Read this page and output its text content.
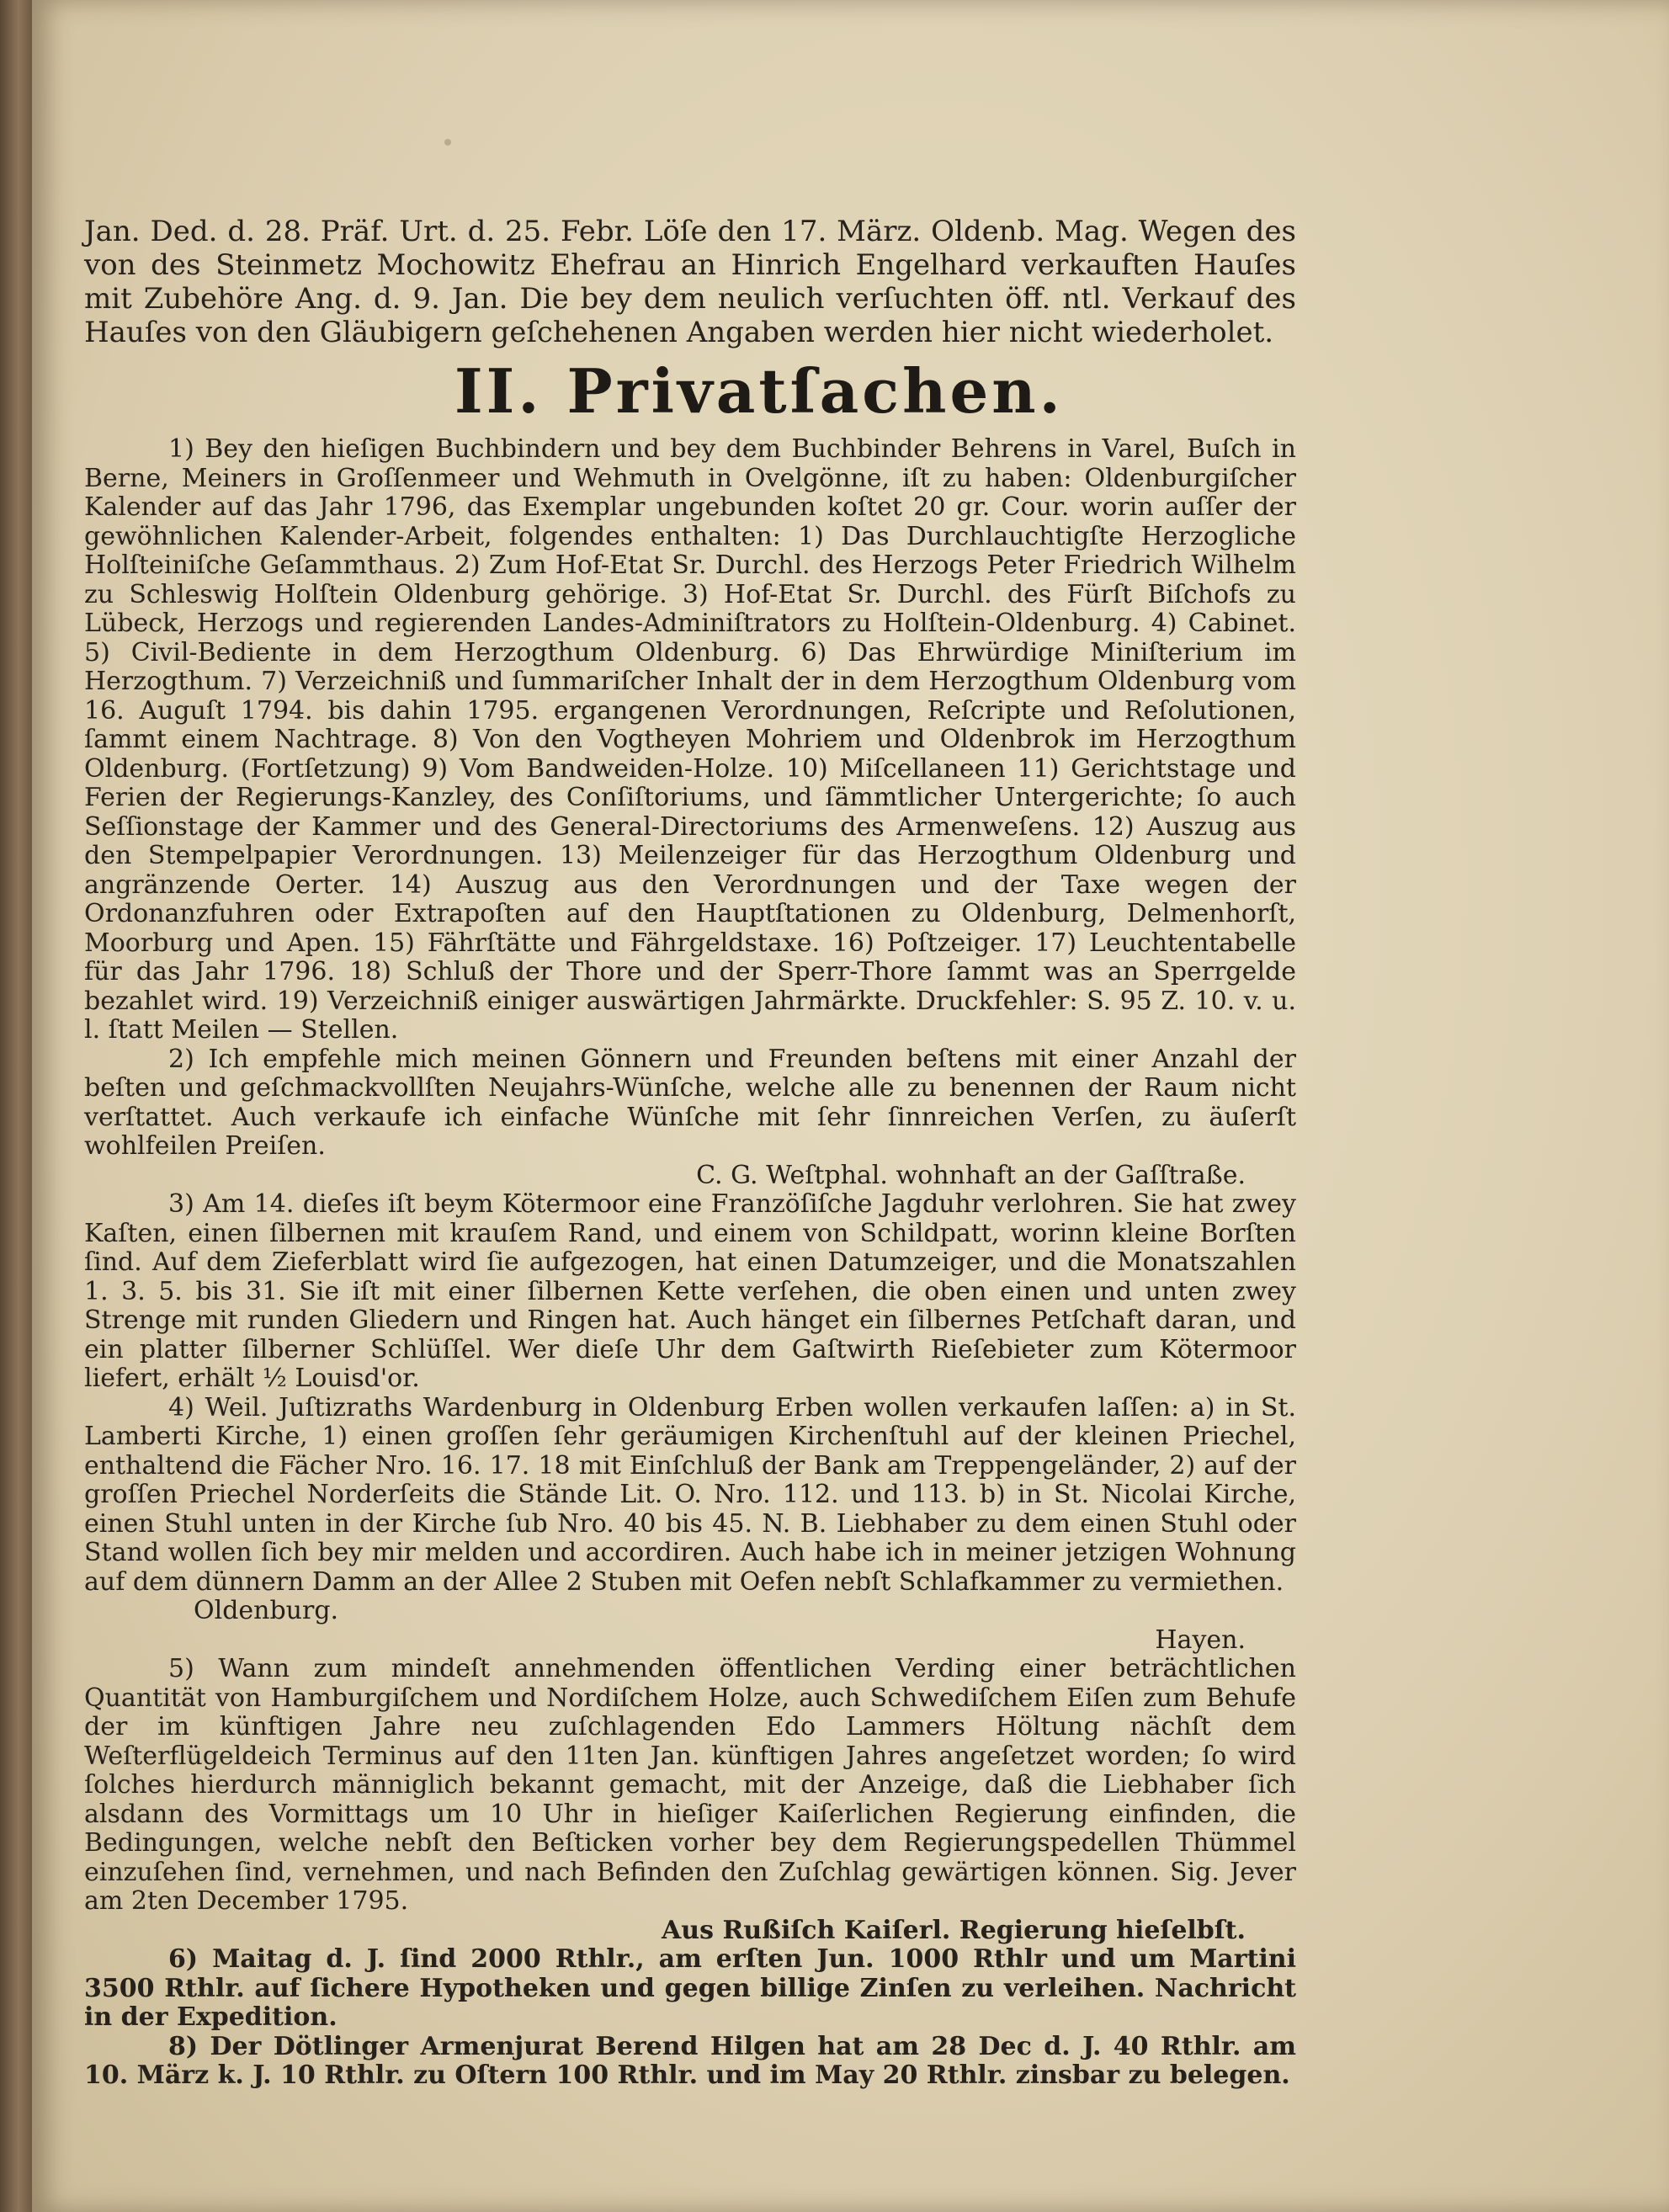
Jan. Ded. d. 28. Präf. Urt. d. 25. Febr. Löſe den 17. März. Oldenb. Mag. Wegen des von des Steinmetz Mochowitz Ehefrau an Hinrich Engelhard verkauften Hauſes mit Zubehöre Ang. d. 9. Jan. Die bey dem neulich verſuchten öff. ntl. Verkauf des Hauſes von den Gläubigern geſchehenen Angaben werden hier nicht wiederholet.

II. Privatſachen.

1) Bey den hieſigen Buchbindern und bey dem Buchbinder Behrens in Varel, Buſch in Berne, Meiners in Groſſenmeer und Wehmuth in Ovelgönne, iſt zu haben: Oldenburgiſcher Kalender auf das Jahr 1796, das Exemplar ungebunden koſtet 20 gr. Cour. worin auſſer der gewöhnlichen Kalender-Arbeit, folgendes enthalten: 1) Das Durchlauchtigſte Herzogliche Holſteiniſche Geſammthaus. 2) Zum Hof-Etat Sr. Durchl. des Herzogs Peter Friedrich Wilhelm zu Schleswig Holſtein Oldenburg gehörige. 3) Hof-Etat Sr. Durchl. des Fürſt Biſchofs zu Lübeck, Herzogs und regierenden Landes-Adminiſtrators zu Holſtein-Oldenburg. 4) Cabinet. 5) Civil-Bediente in dem Herzogthum Oldenburg. 6) Das Ehrwürdige Miniſterium im Herzogthum. 7) Verzeichniß und ſummariſcher Inhalt der in dem Herzogthum Oldenburg vom 16. Auguſt 1794. bis dahin 1795. ergangenen Verordnungen, Reſcripte und Reſolutionen, ſammt einem Nachtrage. 8) Von den Vogtheyen Mohriem und Oldenbrok im Herzogthum Oldenburg. (Fortſetzung) 9) Vom Bandweiden-Holze. 10) Miſcellaneen 11) Gerichtstage und Ferien der Regierungs-Kanzley, des Conſiſtoriums, und ſämmtlicher Untergerichte; ſo auch Seſſionstage der Kammer und des General-Directoriums des Armenweſens. 12) Auszug aus den Stempelpapier Verordnungen. 13) Meilenzeiger für das Herzogthum Oldenburg und angränzende Oerter. 14) Auszug aus den Verordnungen und der Taxe wegen der Ordonanzfuhren oder Extrapoſten auf den Hauptſtationen zu Oldenburg, Delmenhorſt, Moorburg und Apen. 15) Fährſtätte und Fährgeldstaxe. 16) Poſtzeiger. 17) Leuchtentabelle für das Jahr 1796. 18) Schluß der Thore und der Sperr-Thore ſammt was an Sperrgelde bezahlet wird. 19) Verzeichniß einiger auswärtigen Jahrmärkte. Druckfehler: S. 95 Z. 10. v. u. l. ſtatt Meilen — Stellen.

2) Ich empfehle mich meinen Gönnern und Freunden beſtens mit einer Anzahl der beſten und geſchmackvollſten Neujahrs-Wünſche, welche alle zu benennen der Raum nicht verſtattet. Auch verkaufe ich einfache Wünſche mit ſehr ſinnreichen Verſen, zu äuſerſt wohlfeilen Preiſen.

C. G. Weſtphal. wohnhaft an der Gaſſtraße.

3) Am 14. dieſes iſt beym Kötermoor eine Franzöſiſche Jagduhr verlohren. Sie hat zwey Kaſten, einen ſilbernen mit krauſem Rand, und einem von Schildpatt, worinn kleine Borſten ſind. Auf dem Zieferblatt wird ſie aufgezogen, hat einen Datumzeiger, und die Monatszahlen 1. 3. 5. bis 31. Sie iſt mit einer ſilbernen Kette verſehen, die oben einen und unten zwey Strenge mit runden Gliedern und Ringen hat. Auch hänget ein ſilbernes Petſchaft daran, und ein platter ſilberner Schlüſſel. Wer dieſe Uhr dem Gaſtwirth Rieſebieter zum Kötermoor liefert, erhält ½ Louisd'or.

4) Weil. Juſtizraths Wardenburg in Oldenburg Erben wollen verkaufen laſſen: a) in St. Lamberti Kirche, 1) einen groſſen ſehr geräumigen Kirchenſtuhl auf der kleinen Priechel, enthaltend die Fächer Nro. 16. 17. 18 mit Einſchluß der Bank am Treppengeländer, 2) auf der groſſen Priechel Norderſeits die Stände Lit. O. Nro. 112. und 113. b) in St. Nicolai Kirche, einen Stuhl unten in der Kirche ſub Nro. 40 bis 45. N. B. Liebhaber zu dem einen Stuhl oder Stand wollen ſich bey mir melden und accordiren. Auch habe ich in meiner jetzigen Wohnung auf dem dünnern Damm an der Allee 2 Stuben mit Oefen nebſt Schlafkammer zu vermiethen.

Oldenburg.

Hayen.

5) Wann zum mindeſt annehmenden öffentlichen Verding einer beträchtlichen Quantität von Hamburgiſchem und Nordiſchem Holze, auch Schwediſchem Eiſen zum Behufe der im künftigen Jahre neu zuſchlagenden Edo Lammers Höltung nächſt dem Weſterflügeldeich Terminus auf den 11ten Jan. künftigen Jahres angeſetzet worden; ſo wird ſolches hierdurch männiglich bekannt gemacht, mit der Anzeige, daß die Liebhaber ſich alsdann des Vormittags um 10 Uhr in hieſiger Kaiſerlichen Regierung einfinden, die Bedingungen, welche nebſt den Beſticken vorher bey dem Regierungspedellen Thümmel einzuſehen ſind, vernehmen, und nach Befinden den Zuſchlag gewärtigen können. Sig. Jever am 2ten December 1795.

Aus Rußiſch Kaiſerl. Regierung hieſelbſt.

6) Maitag d. J. ſind 2000 Rthlr., am erſten Jun. 1000 Rthlr und um Martini 3500 Rthlr. auf ſichere Hypotheken und gegen billige Zinſen zu verleihen. Nachricht in der Expedition.

8) Der Dötlinger Armenjurat Berend Hilgen hat am 28 Dec d. J. 40 Rthlr. am 10. März k. J. 10 Rthlr. zu Oſtern 100 Rthlr. und im May 20 Rthlr. zinsbar zu belegen.
